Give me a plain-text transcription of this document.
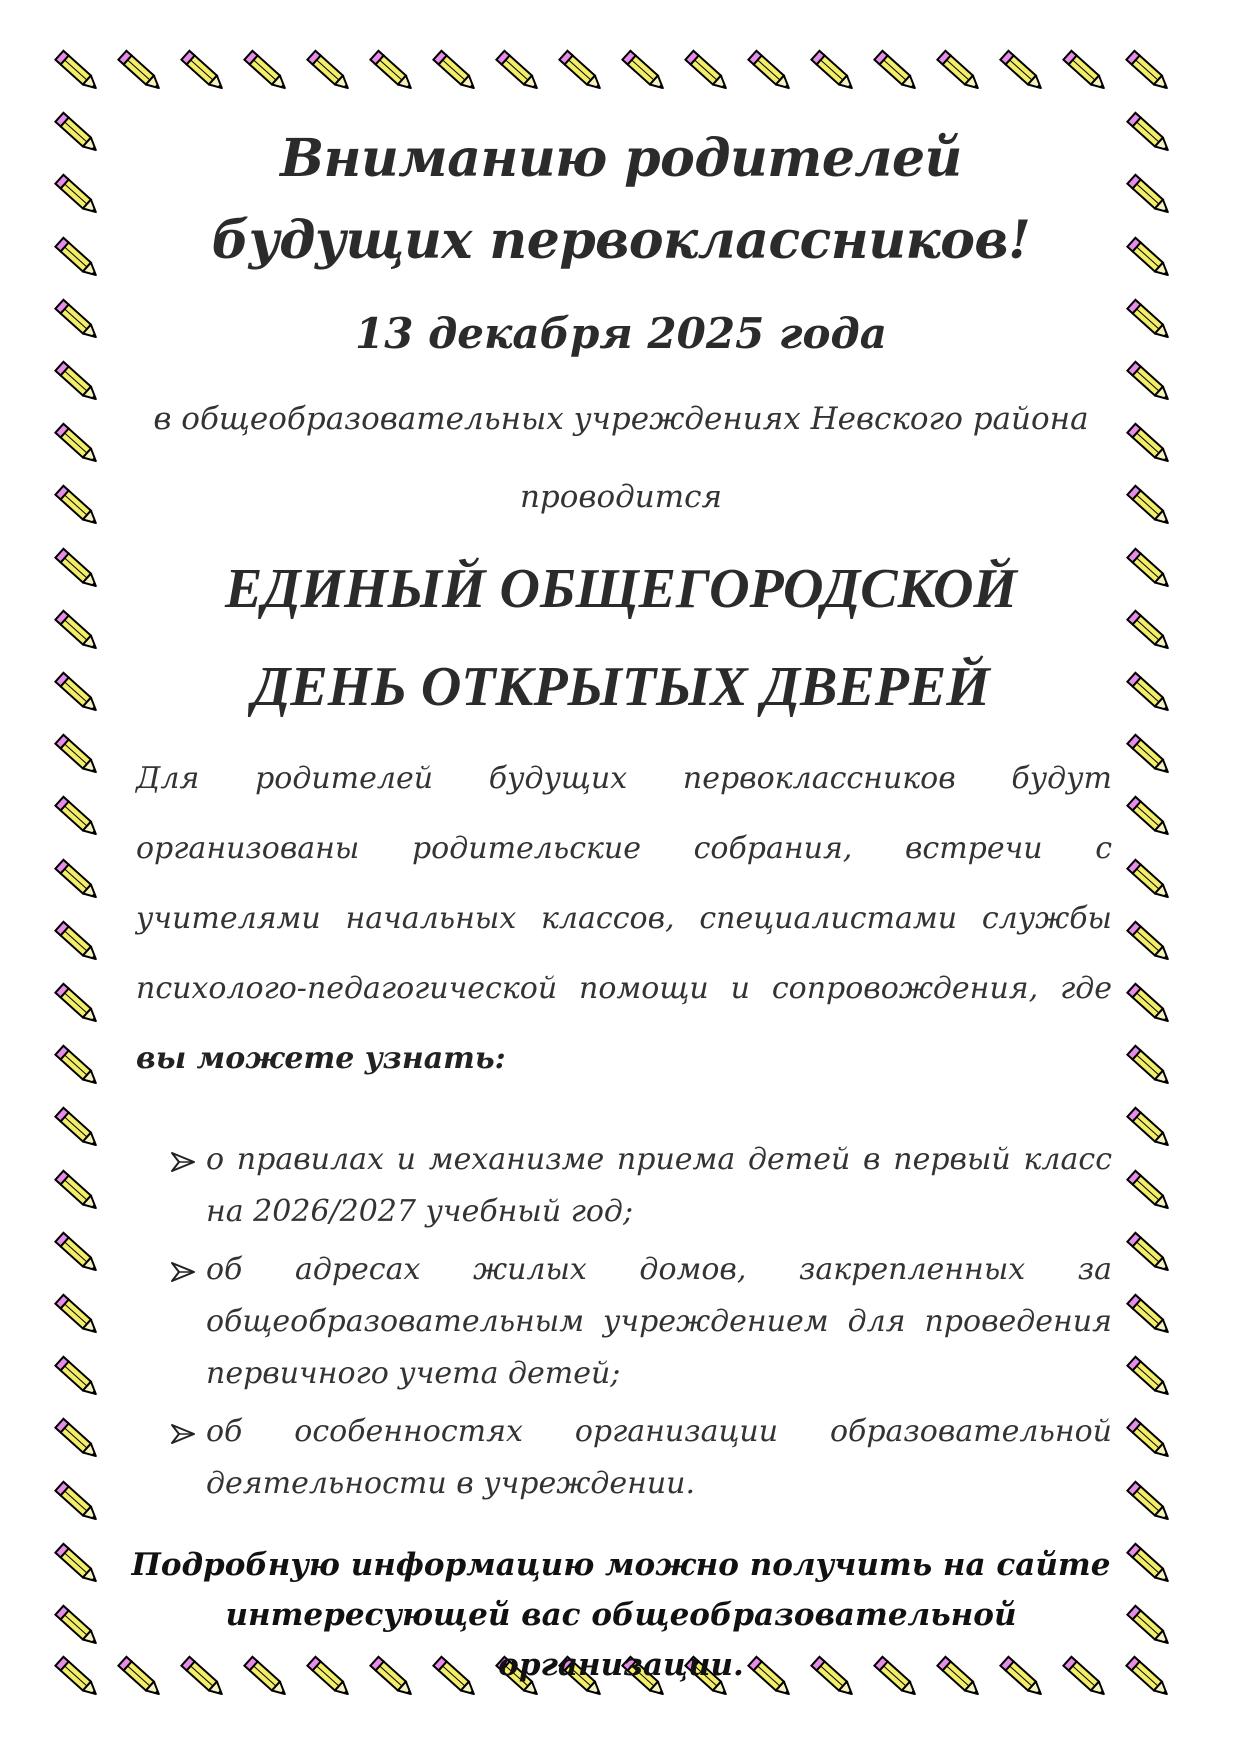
Вниманию родителей
будущих первоклассников!

13 декабря 2025 года

в общеобразовательных учреждениях Невского района
проводится

ЕДИНЫЙ ОБЩЕГОРОДСКОЙ
ДЕНЬ ОТКРЫТЫХ ДВЕРЕЙ

Для родителей будущих первоклассников будут организованы родительские собрания, встречи с учителями начальных классов, специалистами службы психолого-педагогической помощи и сопровождения, где вы можете узнать:

о правилах и механизме приема детей в первый класс на 2026/2027 учебный год;
об адресах жилых домов, закрепленных за общеобразовательным учреждением для проведения первичного учета детей;
об особенностях организации образовательной деятельности в учреждении.

Подробную информацию можно получить на сайте
интересующей вас общеобразовательной организации.
